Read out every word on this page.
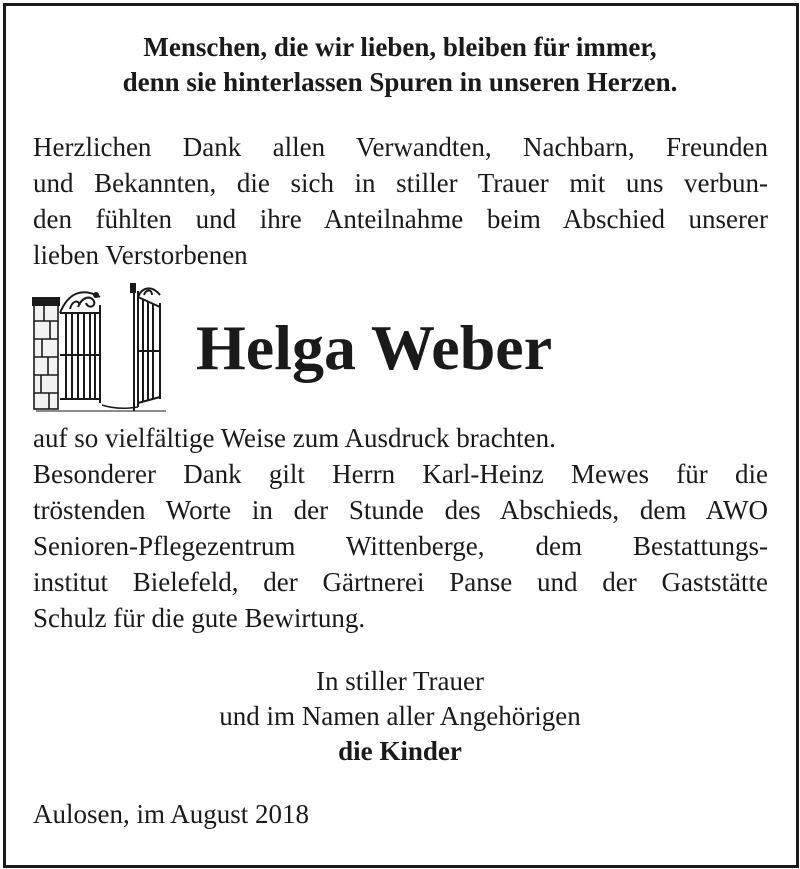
Menschen, die wir lieben, bleiben für immer,
denn sie hinterlassen Spuren in unseren Herzen.
Herzlichen Dank allen Verwandten, Nachbarn, Freunden
und Bekannten, die sich in stiller Trauer mit uns verbun-
den fühlten und ihre Anteilnahme beim Abschied unserer
lieben Verstorbenen
Helga Weber
auf so vielfältige Weise zum Ausdruck brachten.
Besonderer Dank gilt Herrn Karl-Heinz Mewes für die
tröstenden Worte in der Stunde des Abschieds, dem AWO
Senioren-Pflegezentrum Wittenberge, dem Bestattungs-
institut Bielefeld, der Gärtnerei Panse und der Gaststätte
Schulz für die gute Bewirtung.
In stiller Trauer
und im Namen aller Angehörigen
die Kinder
Aulosen, im August 2018
